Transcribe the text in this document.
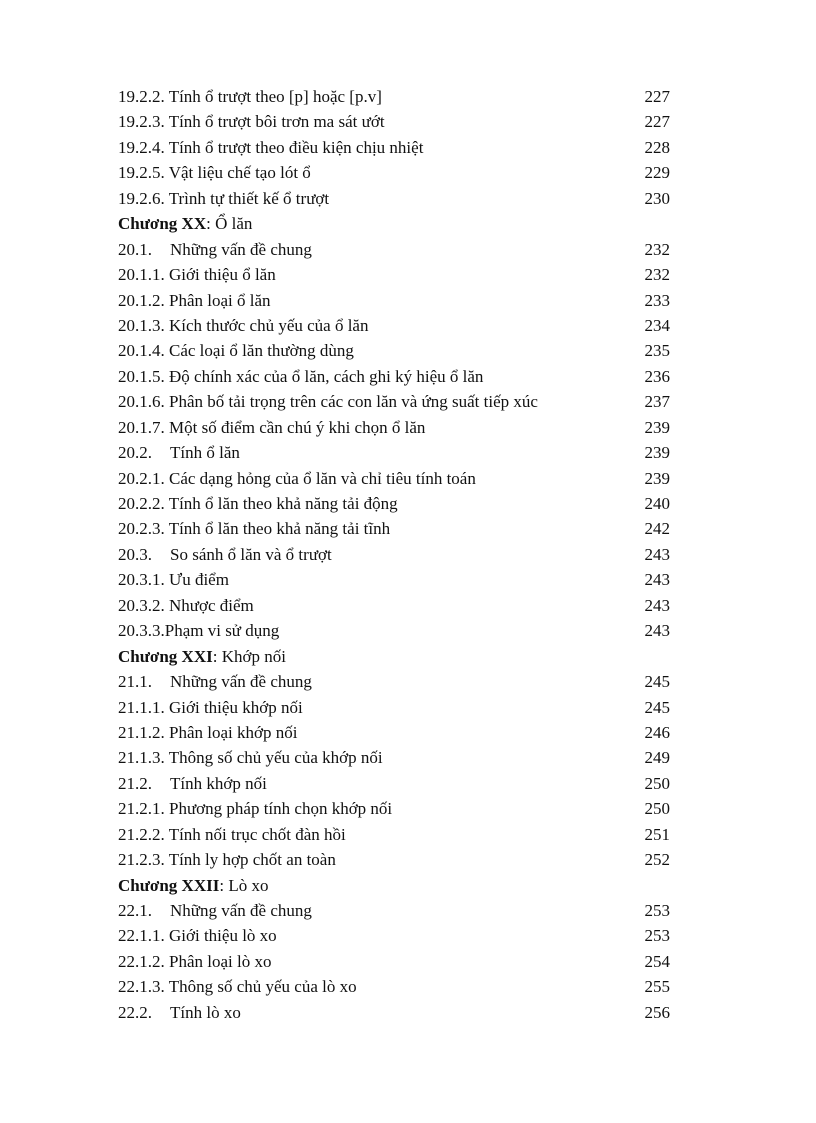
19.2.2. Tính ổ trượt theo [p] hoặc [p.v]	227
19.2.3. Tính ổ trượt bôi trơn ma sát ướt	227
19.2.4. Tính ổ trượt theo điều kiện chịu nhiệt	228
19.2.5. Vật liệu chế tạo lót ổ	229
19.2.6. Trình tự thiết kế ổ trượt	230
Chương XX: Ổ lăn
20.1. Những vấn đề chung	232
20.1.1. Giới thiệu ổ lăn	232
20.1.2. Phân loại ổ lăn	233
20.1.3. Kích thước chủ yếu của ổ lăn	234
20.1.4. Các loại ổ lăn thường dùng	235
20.1.5. Độ chính xác của ổ lăn, cách ghi ký hiệu ổ lăn	236
20.1.6. Phân bố tải trọng trên các con lăn và ứng suất tiếp xúc	237
20.1.7. Một số điểm cần chú ý khi chọn ổ lăn	239
20.2. Tính ổ lăn	239
20.2.1. Các dạng hỏng của ổ lăn và chỉ tiêu tính toán	239
20.2.2. Tính ổ lăn theo khả năng tải động	240
20.2.3. Tính ổ lăn theo khả năng tải tĩnh	242
20.3. So sánh ổ lăn và ổ trượt	243
20.3.1. Ưu điểm	243
20.3.2. Nhược điểm	243
20.3.3.Phạm vi sử dụng	243
Chương XXI: Khớp nối
21.1. Những vấn đề chung	245
21.1.1. Giới thiệu khớp nối	245
21.1.2. Phân loại khớp nối	246
21.1.3. Thông số chủ yếu của khớp nối	249
21.2. Tính khớp nối	250
21.2.1. Phương pháp tính chọn khớp nối	250
21.2.2. Tính nối trục chốt đàn hồi	251
21.2.3. Tính ly hợp chốt an toàn	252
Chương XXII: Lò xo
22.1. Những vấn đề chung	253
22.1.1. Giới thiệu lò xo	253
22.1.2. Phân loại lò xo	254
22.1.3. Thông số chủ yếu của lò xo	255
22.2. Tính lò xo	256
